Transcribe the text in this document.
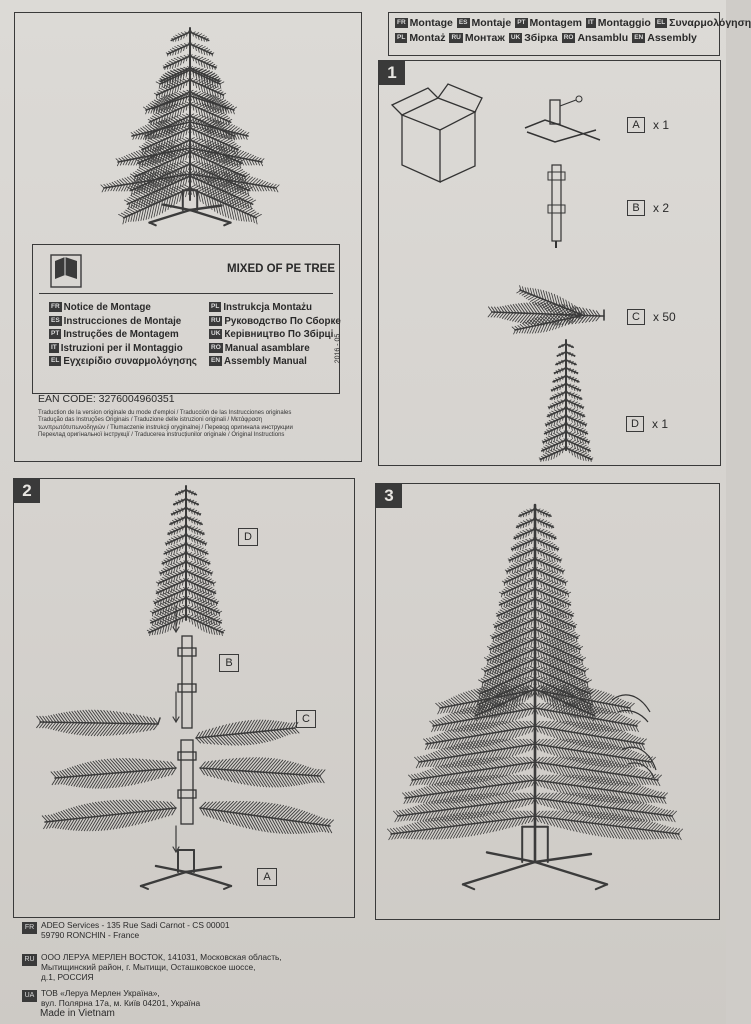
FR Montage ES Montaje PT Montagem IT Montaggio EL Συναρμολόγηση
PL Montaż RU Монтаж UK Збірка RO Ansamblu EN Assembly
MIXED OF PE TREE
FR Notice de Montage
ES Instrucciones de Montaje
PT Instruções de Montagem
IT Istruzioni per il Montaggio
EL Εγχειρίδιο συναρμολόγησης
PL Instrukcja Montażu
RU Руководство По Сборке
UK Керівництво По Збірці
RO Manual asamblare
EN Assembly Manual	2016 - 05
EAN CODE: 3276004960351
Traduction de la version originale du mode d'emploi / Traducción de las Instrucciones originales
Tradução das Instruções Originais / Traduzione delle istruzioni originali / Μετάφραση
τωνπρωτότυπωνοδηγιών / Tłumaczenie instrukcji oryginalnej / Перевод оригинала инструкции
Переклад оригінальної інструкції / Traducerea instrucțiunilor originale / Original Instructions
1
A	x 1
B	x 2
C	x 50
D	x 1
2
D
B
C
A
3
FR ADEO Services - 135 Rue Sadi Carnot - CS 00001
59790 RONCHIN - France
RU ООО ЛЕРУА МЕРЛЕН ВОСТОК, 141031, Московская область,
Мытищинский район, г. Мытищи, Осташковское шоссе,
д.1, РОССИЯ
UA ТОВ «Леруа Мерлен Україна»,
вул. Полярна 17а, м. Київ 04201, Україна
Made in Vietnam
